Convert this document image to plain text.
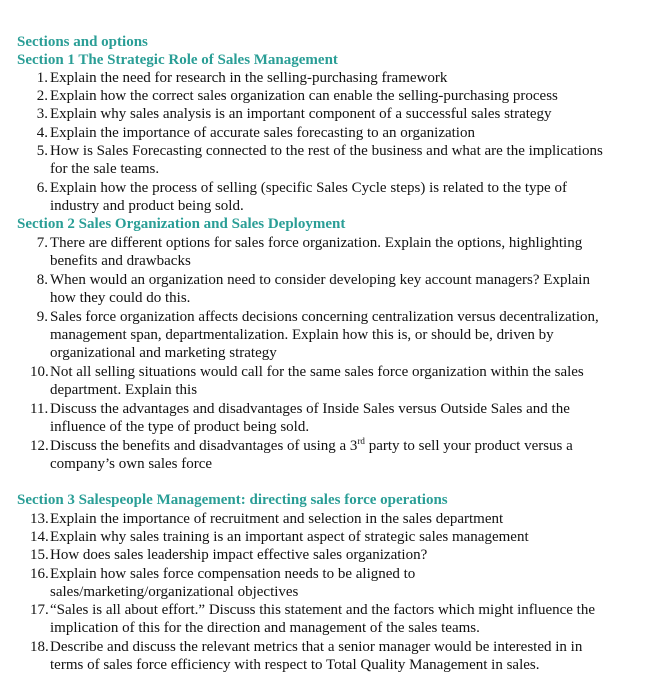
Sections and options
Section 1 The Strategic Role of Sales Management
1. Explain the need for research in the selling-purchasing framework
2. Explain how the correct sales organization can enable the selling-purchasing process
3. Explain why sales analysis is an important component of a successful sales strategy
4. Explain the importance of accurate sales forecasting to an organization
5. How is Sales Forecasting connected to the rest of the business and what are the implications
for the sale teams.
6. Explain how the process of selling (specific Sales Cycle steps) is related to the type of
industry and product being sold.
Section 2 Sales Organization and Sales Deployment
7. There are different options for sales force organization. Explain the options, highlighting
benefits and drawbacks
8. When would an organization need to consider developing key account managers? Explain
how they could do this.
9. Sales force organization affects decisions concerning centralization versus decentralization,
management span, departmentalization. Explain how this is, or should be, driven by
organizational and marketing strategy
10. Not all selling situations would call for the same sales force organization within the sales
department. Explain this
11. Discuss the advantages and disadvantages of Inside Sales versus Outside Sales and the
influence of the type of product being sold.
12. Discuss the benefits and disadvantages of using a 3rd party to sell your product versus a
company’s own sales force
Section 3 Salespeople Management: directing sales force operations
13. Explain the importance of recruitment and selection in the sales department
14. Explain why sales training is an important aspect of strategic sales management
15. How does sales leadership impact effective sales organization?
16. Explain how sales force compensation needs to be aligned to
sales/marketing/organizational objectives
17. “Sales is all about effort.” Discuss this statement and the factors which might influence the
implication of this for the direction and management of the sales teams.
18. Describe and discuss the relevant metrics that a senior manager would be interested in in
terms of sales force efficiency with respect to Total Quality Management in sales.
